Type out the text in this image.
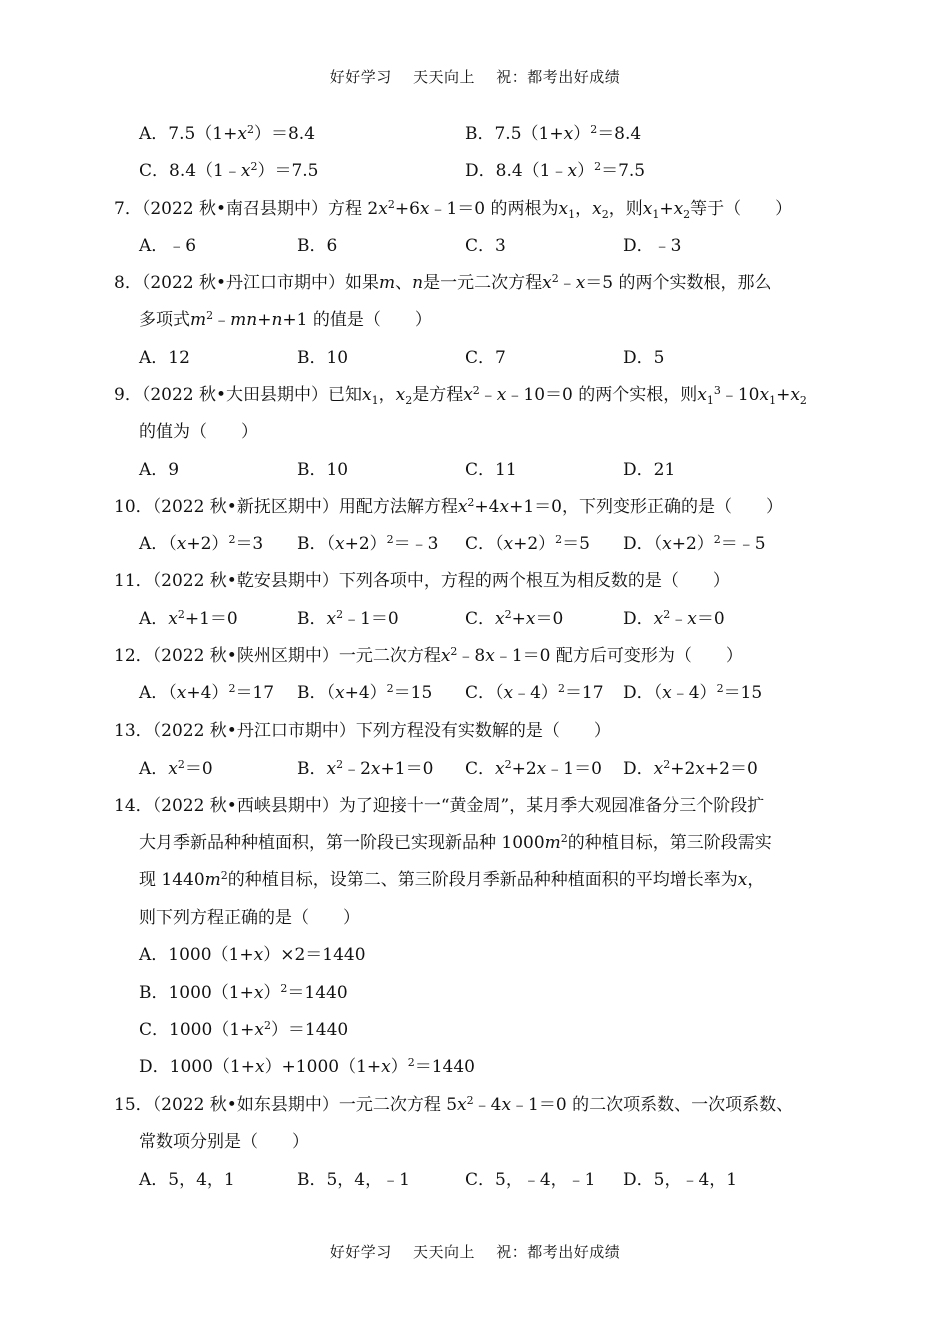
好好学习 天天向上 祝：都考出好成绩
A．$7.5(1+x^2)=8.4$	B．$7.5(1+x)^2=8.4$
C．$8.4(1﹣x^2)=7.5$	D．8.4（1﹣x）$^2$＝7.5
7．（2022 秋•南召县期中）方程 $2x^2+6x﹣1=0$ 的两根为$x_1$，$x_2$，则$x_1+x_2$等于（　　）
A．﹣6	B．6	C．3	D．﹣3
8．（2022 秋•丹江口市期中）如果m、n是一元二次方程$x^2﹣x=5$ 的两个实数根，那么
多项式$m^2﹣mn+n+1$ 的值是（　　）
A．12	B．10	C．7	D．5
9．（2022 秋•大田县期中）已知$x_1$，$x_2$是方程$x^2﹣x﹣10=0$ 的两个实根，则$x_1^3﹣10x_1+x_2$
的值为（　　）
A．9	B．10	C．11	D．21
10．（2022 秋•新抚区期中）用配方法解方程$x^2+4x+1=0$，下列变形正确的是（　　）
A．$(x+2)^2=3$ B．$(x+2)^2=﹣3$ C．$(x+2)^2=5$ D．$(x+2)^2=﹣5$
11．（2022 秋•乾安县期中）下列各项中，方程的两个根互为相反数的是（　　）
A．$x^2+1=0$	B．$x^2﹣1=0$	C．$x^2+x=0$	D．$x^2﹣x=0$
12．（2022 秋•陕州区期中）一元二次方程$x^2﹣8x﹣1=0$ 配方后可变形为（　　）
A．$(x+4)^2=17$ B．$(x+4)^2=15$ C．（x﹣4）$^2$＝17 D．（x﹣4）$^2$＝15
13．（2022 秋•丹江口市期中）下列方程没有实数解的是（　　）
A．$x^2=0$	B．$x^2﹣2x+1=0$ C．$x^2+2x﹣1=0$ D．$x^2+2x+2=0$
14．（2022 秋•西峡县期中）为了迎接十一“黄金周”，某月季大观园准备分三个阶段扩
大月季新品种种植面积，第一阶段已实现新品种 $1000m^2$的种植目标，第三阶段需实
现 $1440m^2$的种植目标，设第二、第三阶段月季新品种种植面积的平均增长率为x，
则下列方程正确的是（　　）
A．1000（1+x）×2＝1440
B．$1000(1+x)^2=1440$
C．$1000(1+x^2)=1440$
D．$1000(1+x)+1000(1+x)^2=1440$
15．（2022 秋•如东县期中）一元二次方程 $5x^2﹣4x﹣1=0$ 的二次项系数、一次项系数、
常数项分别是（　　）
A．5，4，1	B．5，4，﹣1	C．5，﹣4，﹣1 D．5，﹣4，1
好好学习 天天向上 祝：都考出好成绩
